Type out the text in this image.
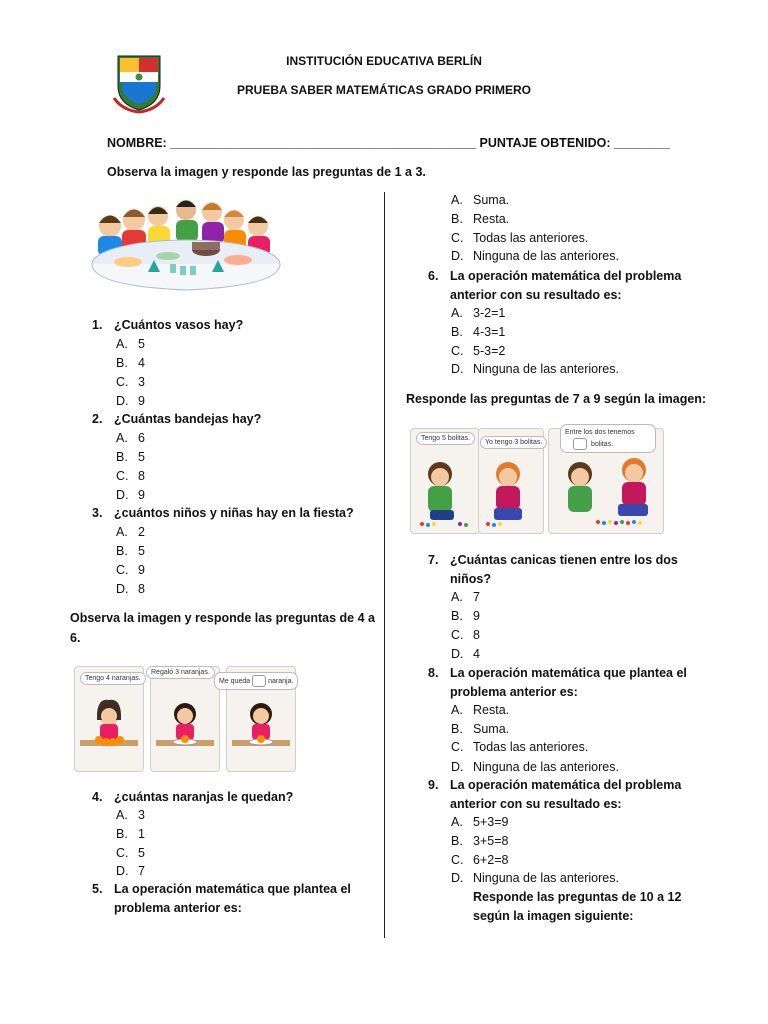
INSTITUCIÓN EDUCATIVA BERLÍN
PRUEBA SABER MATEMÁTICAS GRADO PRIMERO
NOMBRE: ____________________________________________ PUNTAJE OBTENIDO: ________
Observa la imagen y responde las preguntas de 1 a 3.
1. ¿Cuántos vasos hay?
A. 5
B. 4
C. 3
D. 9
2. ¿Cuántas bandejas hay?
A. 6
B. 5
C. 8
D. 9
3. ¿cuántos niños y niñas hay en la fiesta?
A. 2
B. 5
C. 9
D. 8
Observa la imagen y responde las preguntas de 4 a
6.
Tengo 4 naranjas.
Regaló 3 naranjas.
Me queda	naranja.
4. ¿cuántas naranjas le quedan?
A. 3
B. 1
C. 5
D. 7
5. La operación matemática que plantea el
problema anterior es:
A. Suma.
B. Resta.
C. Todas las anteriores.
D. Ninguna de las anteriores.
6. La operación matemática del problema
anterior con su resultado es:
A. 3-2=1
B. 4-3=1
C. 5-3=2
D. Ninguna de las anteriores.
Responde las preguntas de 7 a 9 según la imagen:
Tengo 5 bolitas.
Yo tengo 3 bolitas.
Entre los dos tenemos
bolitas.
7. ¿Cuántas canicas tienen entre los dos
niños?
A. 7
B. 9
C. 8
D. 4
8. La operación matemática que plantea el
problema anterior es:
A. Resta.
B. Suma.
C. Todas las anteriores.
D. Ninguna de las anteriores.
9. La operación matemática del problema
anterior con su resultado es:
A. 5+3=9
B. 3+5=8
C. 6+2=8
D. Ninguna de las anteriores.
Responde las preguntas de 10 a 12
según la imagen siguiente:
